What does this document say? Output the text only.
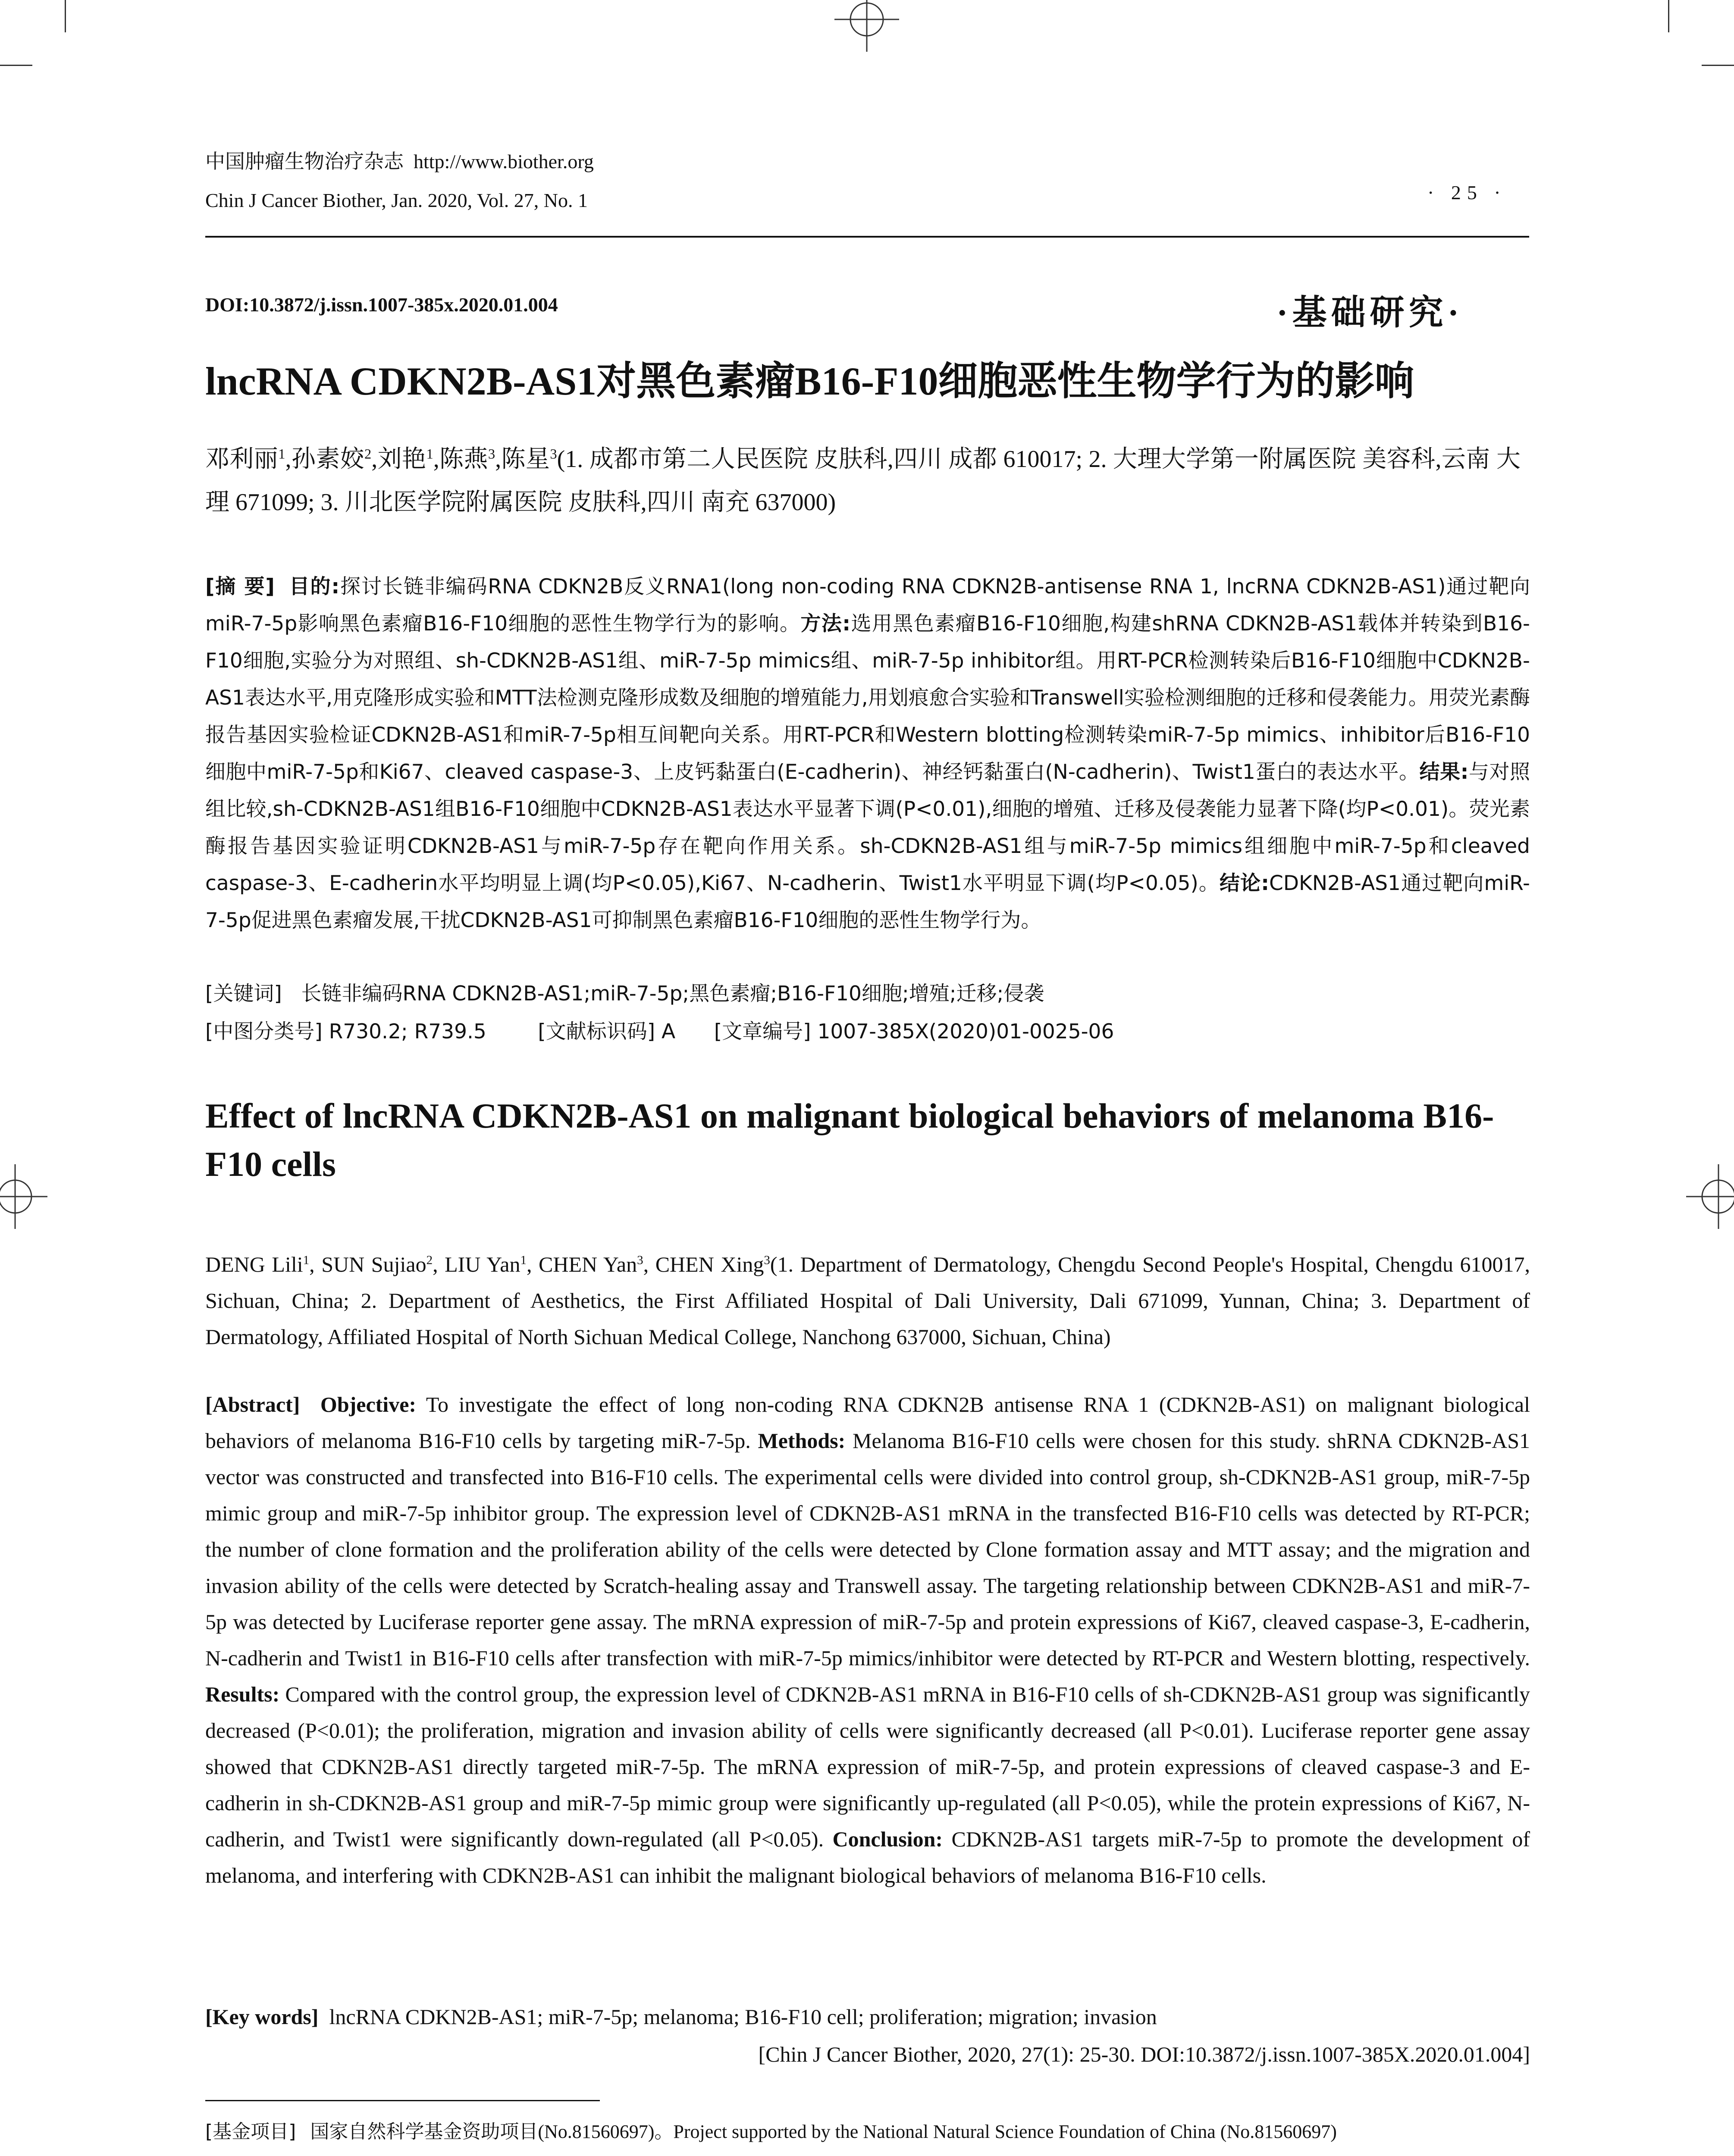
中国肿瘤生物治疗杂志 http://www.biother.org
Chin J Cancer Biother, Jan. 2020, Vol. 27, No. 1	· 25 ·
DOI:10.3872/j.issn.1007-385x.2020.01.004	·基础研究·
lncRNA CDKN2B-AS1对黑色素瘤B16-F10细胞恶性生物学行为的影响
邓利丽$^1$,孙素姣$^2$,刘艳$^1$,陈燕$^3$,陈星$^3$(1. 成都市第二人民医院 皮肤科,四川 成都 610017; 2. 大理大学第一附属医院 美容科,云南 大理 671099; 3. 川北医学院附属医院 皮肤科,四川 南充 637000)
[摘 要] 目的:探讨长链非编码RNA CDKN2B反义RNA1(long non-coding RNA CDKN2B-antisense RNA 1, lncRNA CDKN2B-AS1)通过靶向miR-7-5p影响黑色素瘤B16-F10细胞的恶性生物学行为的影响。方法:选用黑色素瘤B16-F10细胞,构建shRNA CDKN2B-AS1载体并转染到B16-F10细胞,实验分为对照组、sh-CDKN2B-AS1组、miR-7-5p mimics组、miR-7-5p inhibitor组。用RT-PCR检测转染后B16-F10细胞中CDKN2B-AS1表达水平,用克隆形成实验和MTT法检测克隆形成数及细胞的增殖能力,用划痕愈合实验和Transwell实验检测细胞的迁移和侵袭能力。用荧光素酶报告基因实验检证CDKN2B-AS1和miR-7-5p相互间靶向关系。用RT-PCR和Western blotting检测转染miR-7-5p mimics、inhibitor后B16-F10细胞中miR-7-5p和Ki67、cleaved caspase-3、上皮钙黏蛋白(E-cadherin)、神经钙黏蛋白(N-cadherin)、Twist1蛋白的表达水平。结果:与对照组比较,sh-CDKN2B-AS1组B16-F10细胞中CDKN2B-AS1表达水平显著下调(P<0.01),细胞的增殖、迁移及侵袭能力显著下降(均P<0.01)。荧光素酶报告基因实验证明CDKN2B-AS1与miR-7-5p存在靶向作用关系。sh-CDKN2B-AS1组与miR-7-5p mimics组细胞中miR-7-5p和cleaved caspase-3、E-cadherin水平均明显上调(均P<0.05),Ki67、N-cadherin、Twist1水平明显下调(均P<0.05)。结论:CDKN2B-AS1通过靶向miR-7-5p促进黑色素瘤发展,干扰CDKN2B-AS1可抑制黑色素瘤B16-F10细胞的恶性生物学行为。
[关键词] 长链非编码RNA CDKN2B-AS1;miR-7-5p;黑色素瘤;B16-F10细胞;增殖;迁移;侵袭
[中图分类号] R730.2; R739.5	[文献标识码] A [文章编号] 1007-385X(2020)01-0025-06
Effect of lncRNA CDKN2B-AS1 on malignant biological behaviors of melanoma B16-F10 cells
DENG Lili$^1$, SUN Sujiao$^2$, LIU Yan$^1$, CHEN Yan$^3$, CHEN Xing$^3$(1. Department of Dermatology, Chengdu Second People's Hospital, Chengdu 610017, Sichuan, China; 2. Department of Aesthetics, the First Affiliated Hospital of Dali University, Dali 671099, Yunnan, China; 3. Department of Dermatology, Affiliated Hospital of North Sichuan Medical College, Nanchong 637000, Sichuan, China)
[Abstract] Objective: To investigate the effect of long non-coding RNA CDKN2B antisense RNA 1 (CDKN2B-AS1) on malignant biological behaviors of melanoma B16-F10 cells by targeting miR-7-5p. Methods: Melanoma B16-F10 cells were chosen for this study. shRNA CDKN2B-AS1 vector was constructed and transfected into B16-F10 cells. The experimental cells were divided into control group, sh-CDKN2B-AS1 group, miR-7-5p mimic group and miR-7-5p inhibitor group. The expression level of CDKN2B-AS1 mRNA in the transfected B16-F10 cells was detected by RT-PCR; the number of clone formation and the proliferation ability of the cells were detected by Clone formation assay and MTT assay; and the migration and invasion ability of the cells were detected by Scratch-healing assay and Transwell assay. The targeting relationship between CDKN2B-AS1 and miR-7-5p was detected by Luciferase reporter gene assay. The mRNA expression of miR-7-5p and protein expressions of Ki67, cleaved caspase-3, E-cadherin, N-cadherin and Twist1 in B16-F10 cells after transfection with miR-7-5p mimics/inhibitor were detected by RT-PCR and Western blotting, respectively. Results: Compared with the control group, the expression level of CDKN2B-AS1 mRNA in B16-F10 cells of sh-CDKN2B-AS1 group was significantly decreased (P<0.01); the proliferation, migration and invasion ability of cells were significantly decreased (all P<0.01). Luciferase reporter gene assay showed that CDKN2B-AS1 directly targeted miR-7-5p. The mRNA expression of miR-7-5p, and protein expressions of cleaved caspase-3 and E-cadherin in sh-CDKN2B-AS1 group and miR-7-5p mimic group were significantly up-regulated (all P<0.05), while the protein expressions of Ki67, N-cadherin, and Twist1 were significantly down-regulated (all P<0.05). Conclusion: CDKN2B-AS1 targets miR-7-5p to promote the development of melanoma, and interfering with CDKN2B-AS1 can inhibit the malignant biological behaviors of melanoma B16-F10 cells.
[Key words] lncRNA CDKN2B-AS1; miR-7-5p; melanoma; B16-F10 cell; proliferation; migration; invasion
[Chin J Cancer Biother, 2020, 27(1): 25-30. DOI:10.3872/j.issn.1007-385X.2020.01.004]
[基金项目] 国家自然科学基金资助项目(No.81560697)。Project supported by the National Natural Science Foundation of China (No.81560697)
